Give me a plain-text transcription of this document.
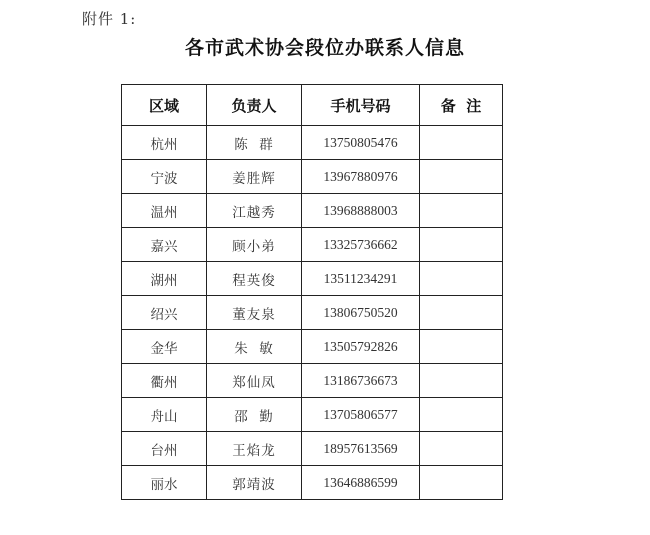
附件 1:
各市武术协会段位办联系人信息
区域	负责人	手机号码	备  注
杭州	陈  群	13750805476	
宁波	姜胜辉	13967880976	
温州	江越秀	13968888003	
嘉兴	顾小弟	13325736662	
湖州	程英俊	13511234291	
绍兴	董友泉	13806750520	
金华	朱  敏	13505792826	
衢州	郑仙凤	13186736673	
舟山	邵  勤	13705806577	
台州	王焰龙	18957613569	
丽水	郭靖波	13646886599	
